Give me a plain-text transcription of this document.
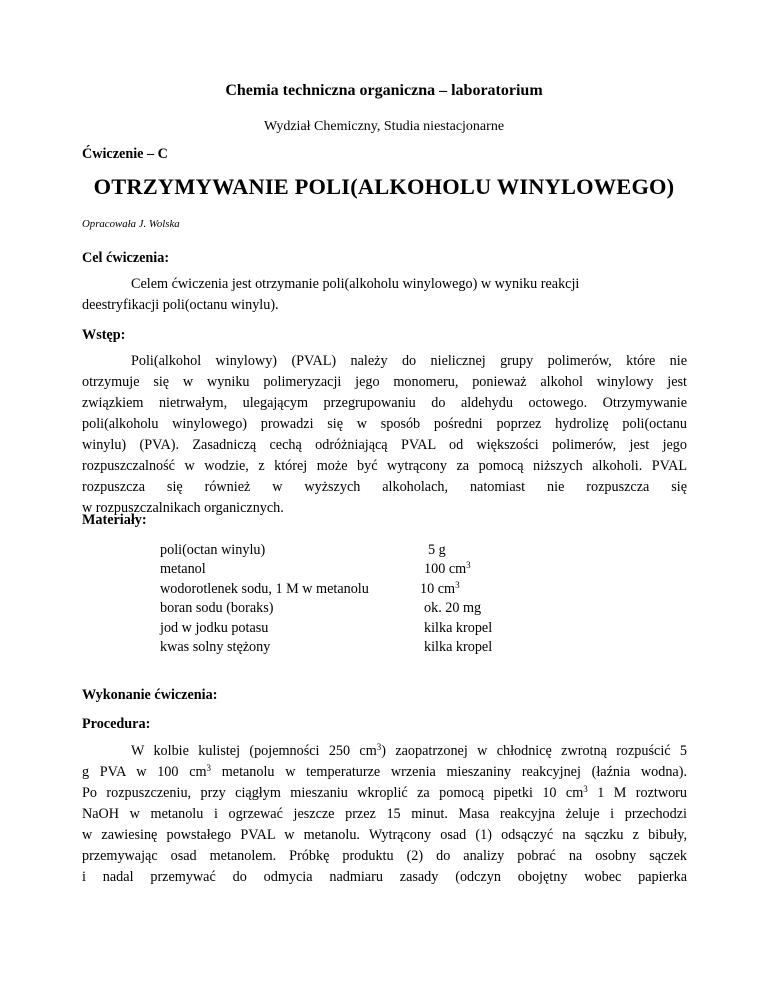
Chemia techniczna organiczna – laboratorium
Wydział Chemiczny, Studia niestacjonarne
Ćwiczenie – C
OTRZYMYWANIE POLI(ALKOHOLU WINYLOWEGO)
Opracowała J. Wolska
Cel ćwiczenia:
Celem ćwiczenia jest otrzymanie poli(alkoholu winylowego) w wyniku reakcji
deestryfikacji poli(octanu winylu).
Wstęp:
Poli(alkohol winylowy) (PVAL) należy do nielicznej grupy polimerów, które nie
otrzymuje się w wyniku polimeryzacji jego monomeru, ponieważ alkohol winylowy jest
związkiem nietrwałym, ulegającym przegrupowaniu do aldehydu octowego. Otrzymywanie
poli(alkoholu winylowego) prowadzi się w sposób pośredni poprzez hydrolizę poli(octanu
winylu) (PVA). Zasadniczą cechą odróżniającą PVAL od większości polimerów, jest jego
rozpuszczalność w wodzie, z której może być wytrącony za pomocą niższych alkoholi. PVAL
rozpuszcza się również w wyższych alkoholach, natomiast nie rozpuszcza się
w rozpuszczalnikach organicznych.
Materiały:
poli(octan winylu)	5 g
metanol	100 $cm^3$
wodorotlenek sodu, 1 M w metanolu	10 $cm^3$
boran sodu (boraks)	ok. 20 mg
jod w jodku potasu	kilka kropel
kwas solny stężony	kilka kropel
Wykonanie ćwiczenia:
Procedura:
W kolbie kulistej (pojemności 250 $cm^3$) zaopatrzonej w chłodnicę zwrotną rozpuścić 5
g PVA w 100 $cm^3$ metanolu w temperaturze wrzenia mieszaniny reakcyjnej (łaźnia wodna).
Po rozpuszczeniu, przy ciągłym mieszaniu wkroplić za pomocą pipetki 10 $cm^3$ 1 M roztworu
NaOH w metanolu i ogrzewać jeszcze przez 15 minut. Masa reakcyjna żeluje i przechodzi
w zawiesinę powstałego PVAL w metanolu. Wytrącony osad (1) odsączyć na sączku z bibuły,
przemywając osad metanolem. Próbkę produktu (2) do analizy pobrać na osobny sączek
i nadal przemywać do odmycia nadmiaru zasady (odczyn obojętny wobec papierka
